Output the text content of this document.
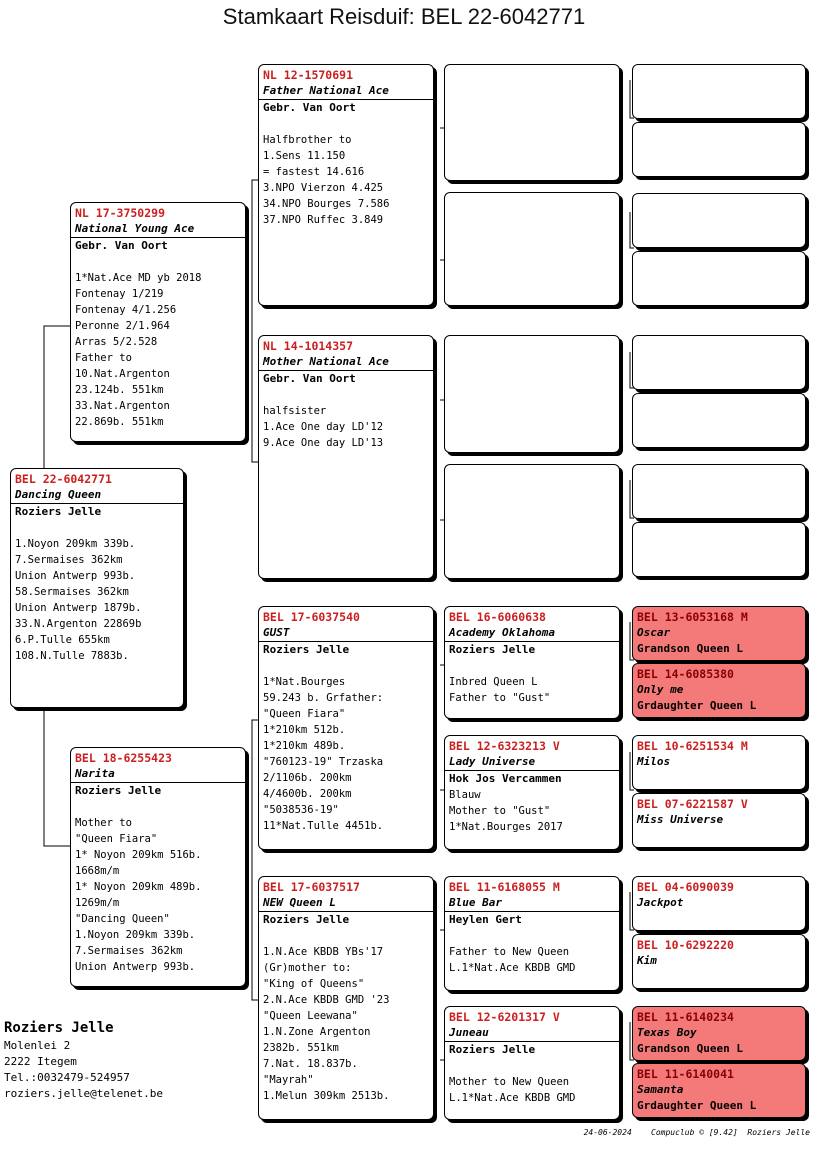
Stamkaart Reisduif: BEL 22-6042771
BEL 22-6042771
Dancing Queen
Roziers Jelle

1.Noyon 209km 339b.
7.Sermaises 362km
Union Antwerp 993b.
58.Sermaises 362km
Union Antwerp 1879b.
33.N.Argenton 22869b
6.P.Tulle 655km
108.N.Tulle 7883b.
NL 17-3750299
National Young Ace
Gebr. Van Oort

1*Nat.Ace MD yb 2018
Fontenay 1/219
Fontenay 4/1.256
Peronne 2/1.964
Arras 5/2.528
Father to
10.Nat.Argenton
23.124b. 551km
33.Nat.Argenton
22.869b. 551km
BEL 18-6255423
Narita
Roziers Jelle

Mother to
"Queen Fiara"
1* Noyon 209km 516b.
1668m/m
1* Noyon 209km 489b.
1269m/m
"Dancing Queen"
1.Noyon 209km 339b.
7.Sermaises 362km
Union Antwerp 993b.
NL 12-1570691
Father National Ace
Gebr. Van Oort

Halfbrother to
1.Sens 11.150
= fastest 14.616
3.NPO Vierzon 4.425
34.NPO Bourges 7.586
37.NPO Ruffec 3.849
NL 14-1014357
Mother National Ace
Gebr. Van Oort

halfsister
1.Ace One day LD'12
9.Ace One day LD'13
BEL 17-6037540
GUST
Roziers Jelle

1*Nat.Bourges
59.243 b. Grfather:
"Queen Fiara"
1*210km 512b.
1*210km 489b.
"760123-19" Trzaska
2/1106b. 200km
4/4600b. 200km
"5038536-19"
11*Nat.Tulle 4451b.
BEL 17-6037517
NEW Queen L
Roziers Jelle

1.N.Ace KBDB YBs'17
(Gr)mother to:
"King of Queens"
2.N.Ace KBDB GMD '23
"Queen Leewana"
1.N.Zone Argenton
2382b. 551km
7.Nat. 18.837b.
"Mayrah"
1.Melun 309km 2513b.
BEL 16-6060638
Academy Oklahoma
Roziers Jelle

Inbred Queen L
Father to "Gust"
BEL 12-6323213 V
Lady Universe
Hok Jos Vercammen
Blauw
Mother to "Gust"
1*Nat.Bourges 2017
BEL 11-6168055 M
Blue Bar
Heylen Gert

Father to New Queen
L.1*Nat.Ace KBDB GMD
BEL 12-6201317 V
Juneau
Roziers Jelle

Mother to New Queen
L.1*Nat.Ace KBDB GMD
BEL 13-6053168 M
Oscar
Grandson Queen L
BEL 14-6085380
Only me
Grdaughter Queen L
BEL 10-6251534 M
Milos
BEL 07-6221587 V
Miss Universe
BEL 04-6090039
Jackpot
BEL 10-6292220
Kim
BEL 11-6140234
Texas Boy
Grandson Queen L
BEL 11-6140041
Samanta
Grdaughter Queen L
Roziers Jelle
Molenlei 2
2222 Itegem
Tel.:0032479-524957
roziers.jelle@telenet.be
24-06-2024 Compuclub © [9.42] Roziers Jelle
